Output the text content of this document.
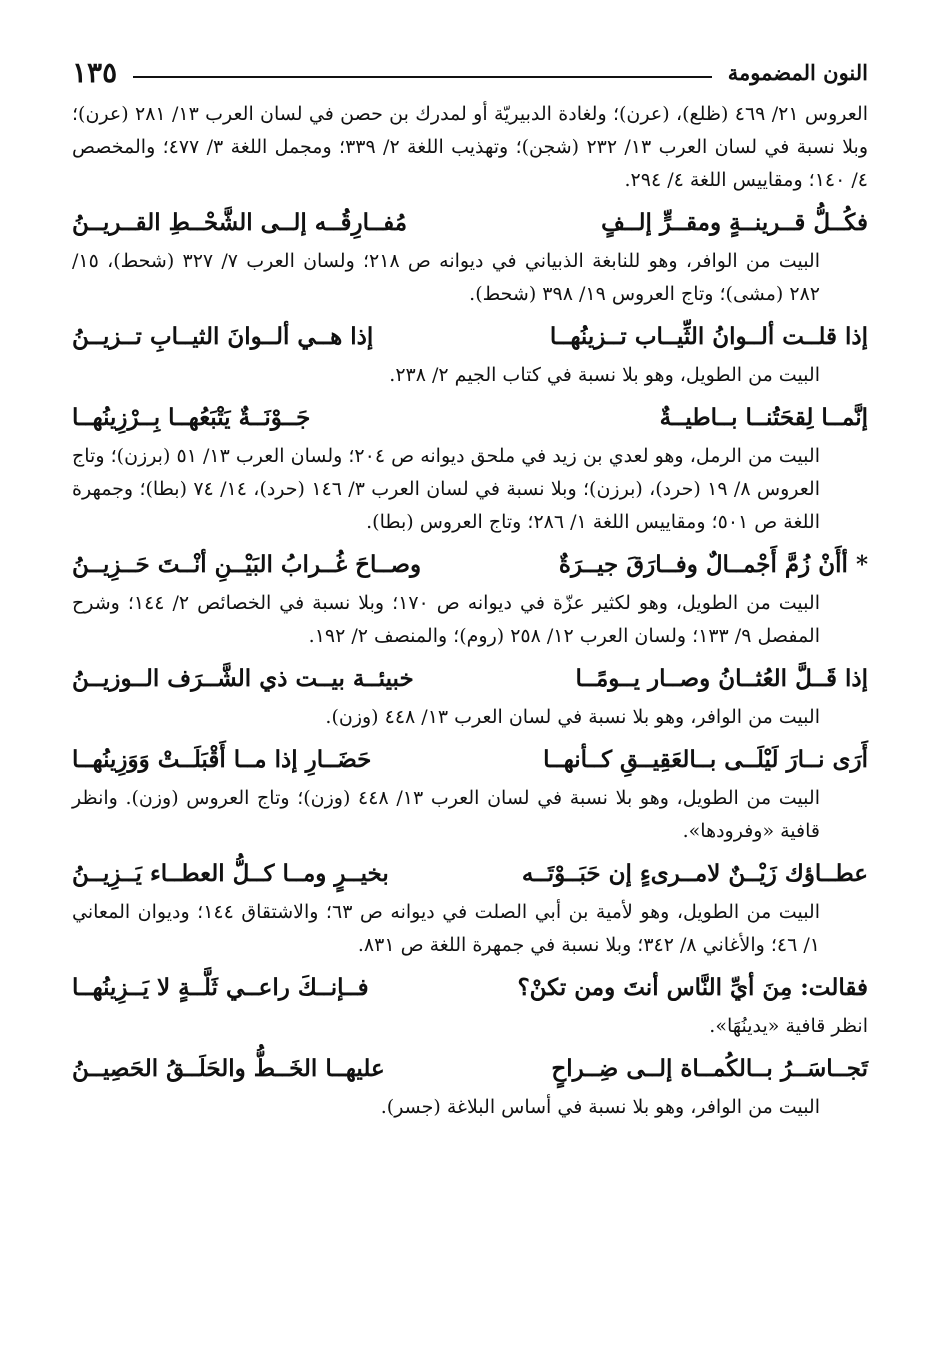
النون المضمومة
١٣٥

العروس ٢١/ ٤٦٩ (ظلع)، (عرن)؛ ولغادة الدبيريّة أو لمدرك بن حصن في لسان العرب ١٣/ ٢٨١ (عرن)؛ وبلا نسبة في لسان العرب ١٣/ ٢٣٢ (شجن)؛ وتهذيب اللغة ٢/ ٣٣٩؛ ومجمل اللغة ٣/ ٤٧٧؛ والمخصص ٤/ ١٤٠؛ ومقاييس اللغة ٤/ ٢٩٤.

فكُــلُّ قــرينــةٍ ومقــرٍّ إلــفٍ
مُفــارِقُــه إلــى الشَّحْــطِ القــريــنُ

البيت من الوافر، وهو للنابغة الذبياني في ديوانه ص ٢١٨؛ ولسان العرب ٧/ ٣٢٧ (شحط)، ١٥/ ٢٨٢ (مشى)؛ وتاج العروس ١٩/ ٣٩٨ (شحط).

إذا قلــت ألــوانُ الثِّيــاب تــزينُهــا
إذا هــي ألــوانَ الثيــابِ تــزيــنُ

البيت من الطويل، وهو بلا نسبة في كتاب الجيم ٢/ ٢٣٨.

إنَّمــا لِقحَتُنــا بــاطيــةٌ
جَــوْنَــةٌ يَتْبَعُهــا بِــرْزِينُهــا

البيت من الرمل، وهو لعدي بن زيد في ملحق ديوانه ص ٢٠٤؛ ولسان العرب ١٣/ ٥١ (برزن)؛ وتاج العروس ٨/ ١٩ (حرد)، (برزن)؛ وبلا نسبة في لسان العرب ٣/ ١٤٦ (حرد)، ١٤/ ٧٤ (بطا)؛ وجمهرة اللغة ص ٥٠١؛ ومقاييس اللغة ١/ ٢٨٦؛ وتاج العروس (بطا).

* أأَنْ زُمَّ أَجْمــالٌ وفــارَقَ جيــرَةٌ
وصــاحَ غُــرابُ البَيْــنِ أنْــتَ حَــزِيــنُ

البيت من الطويل، وهو لكثير عزّة في ديوانه ص ١٧٠؛ وبلا نسبة في الخصائص ٢/ ١٤٤؛ وشرح المفصل ٩/ ١٣٣؛ ولسان العرب ١٢/ ٢٥٨ (روم)؛ والمنصف ٢/ ١٩٢.

إذا قَــلَّ العُثــانُ وصــار يــومًــا
خبيئــة بيــت ذي الشَّــرَف الــوزيــنُ

البيت من الوافر، وهو بلا نسبة في لسان العرب ١٣/ ٤٤٨ (وزن).

أَرَى نــارَ لَيْلَــى بــالعَقِيــقِ كــأنهــا
حَضَــارِ إذا مــا أَقْبَلَــتْ وَوَزِينُهــا

البيت من الطويل، وهو بلا نسبة في لسان العرب ١٣/ ٤٤٨ (وزن)؛ وتاج العروس (وزن). وانظر قافية «وفرودها».

عطــاؤك زَيْــنٌ لامــرىءٍ إن حَبَــوْتَــه
بخيــرٍ ومــا كــلُّ العطــاء يَــزِيــنُ

البيت من الطويل، وهو لأمية بن أبي الصلت في ديوانه ص ٦٣؛ والاشتقاق ١٤٤؛ وديوان المعاني ١/ ٤٦؛ والأغاني ٨/ ٣٤٢؛ وبلا نسبة في جمهرة اللغة ص ٨٣١.

فقالت: مِنَ أيِّ النَّاس أنتَ ومن تكنْ؟
فــإنــكَ راعــي ثَلَّــةٍ لا يَــزِينُهــا

انظر قافية «يدينُهَا».

تَجــاسَــرُ بــالكُمــاة إلــى ضِــراحٍ
عليهــا الخَــطُّ والحَلَــقُ الحَصِيــنُ

البيت من الوافر، وهو بلا نسبة في أساس البلاغة (جسر).
